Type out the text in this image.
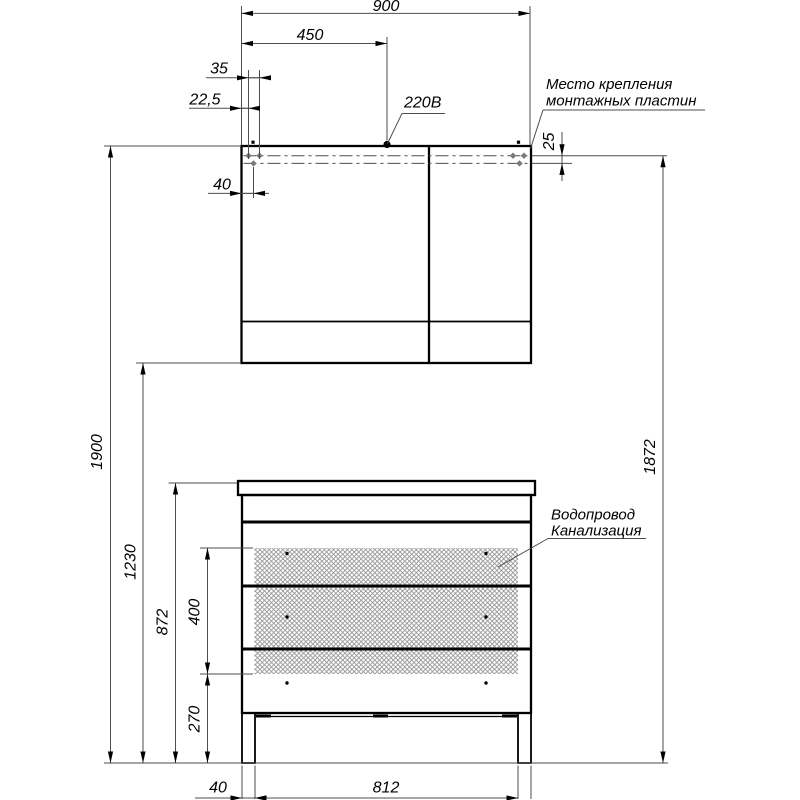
900
450
35
22,5
40
25
1900
1230
872 400
270
1872
40	812
220В
Место крепления
монтажных пластин
Водопровод
Канализация
